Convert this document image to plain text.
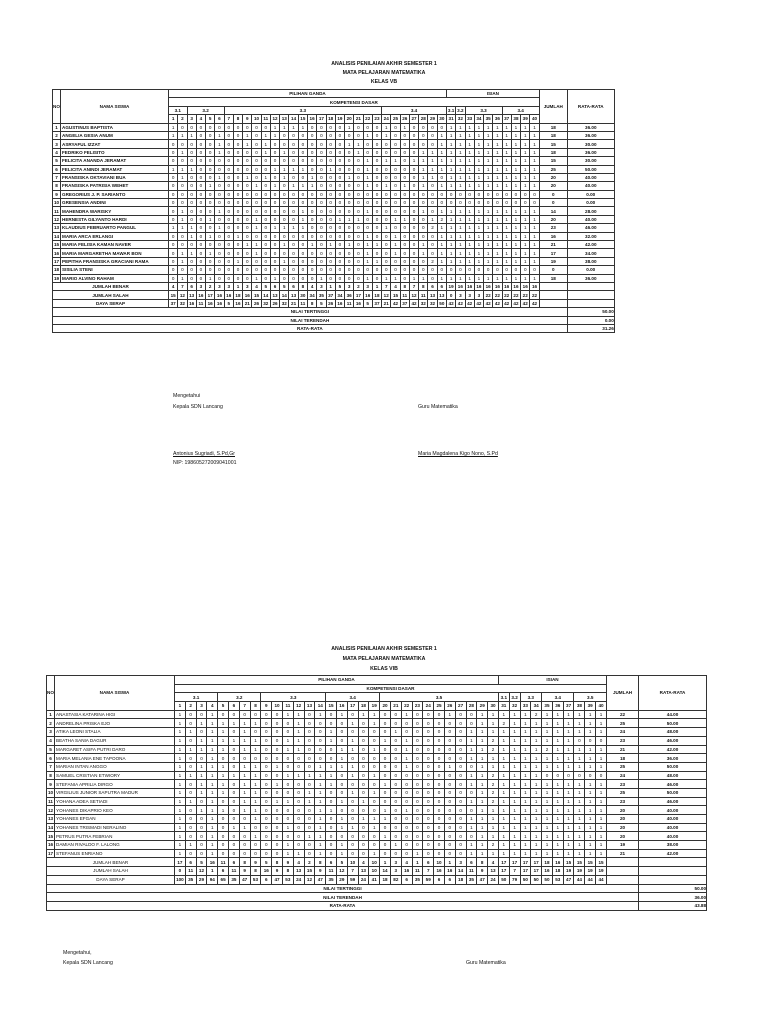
ANALISIS PENILAIAN AKHIR SEMESTER 1
MATA PELAJARAN MATEMATIKA
KELAS VB
NO	NAMA SISWA	PILIHAN GANDA																														ISIAN										JUMLAH	RATA-RATA
		KOMPETENSI DASAR																																									
		3.1		3.2				3.3																	3.4							3.1	3.2	3.3				3.4					
		1	2	3	4	5	6	7	8	9	10	11	12	13	14	15	16	17	18	19	20	21	22	23	24	25	26	27	28	29	30	31	32	33	34	35	36	37	38	39	40		
1	AGUSTINUS BAPTISTA	1	0	0	0	0	0	0	0	0	0	0	1	1	1	1	0	0	0	0	1	0	0	0	1	0	1	0	0	0	0	1	1	1	1	1	1	1	1	1	1	18	36.00
2	ANGELIA GESIA ANUM	1	1	1	0	0	1	0	0	1	0	1	1	0	0	0	0	0	0	0	0	0	1	0	1	0	0	0	0	0	1	1	1	1	1	1	1	1	1	1	1	18	36.00
3	ASRYAFUL IZZAT	0	0	0	0	0	1	0	0	1	0	1	0	0	0	0	0	0	0	0	1	1	0	0	0	0	0	0	0	0	1	1	1	1	1	1	1	1	1	1	1	15	30.00
4	FEDRIKO FELISITO	0	1	0	0	0	1	0	0	0	0	1	0	1	0	0	0	0	0	0	0	1	0	0	0	0	0	0	1	1	1	1	1	1	1	1	1	1	1	1	1	18	36.00
5	FELICITA ANANDA JERAMAT	0	0	0	0	0	0	0	0	0	0	0	0	0	0	0	0	0	0	0	0	0	1	0	1	1	0	1	1	1	1	1	1	1	1	1	1	1	1	1	1	15	30.00
6	FELICITA ANINDI JERAMAT	1	1	1	0	0	0	0	0	0	0	0	1	1	1	1	0	0	1	0	0	0	1	0	0	0	0	0	1	1	1	1	1	1	1	1	1	1	1	1	1	25	50.00
7	FRANSISKA OKTAVIANI BUA	0	1	0	0	0	1	0	0	1	0	1	0	1	0	0	1	0	0	0	1	0	1	0	0	0	0	0	1	1	0	1	1	1	1	1	1	1	1	1	1	20	40.00
8	FRANSISKA PATRISIA WEHET	0	0	0	0	1	0	0	0	0	1	0	1	0	1	1	1	0	0	0	0	0	1	0	1	0	1	0	1	0	1	1	1	1	1	1	1	1	1	1	1	20	40.00
9	GREGORIUS J. P. SARIANTO	0	0	0	0	0	0	0	0	0	0	0	0	0	0	0	0	0	0	0	0	0	0	0	0	0	0	0	0	0	0	0	0	0	0	0	0	0	0	0	0	0	0.00
10	GRESENSIA ANDINI	0	0	0	0	0	0	0	0	0	0	0	0	0	0	0	0	0	0	0	0	0	0	0	0	0	0	0	0	0	0	0	0	0	0	0	0	0	0	0	0	0	0.00
11	MAHENDRA WARISKY	0	1	0	0	0	1	0	0	0	0	0	0	0	0	1	0	0	0	0	0	0	1	0	0	0	0	0	1	0	1	1	1	1	1	1	1	1	1	1	1	14	28.00
12	HERNESTA GILYANTO HARDI	0	1	0	0	1	0	0	0	0	1	0	0	0	0	1	0	0	0	1	1	1	0	0	0	1	1	0	0	1	2	1	1	1	1	1	1	1	1	1	1	20	40.00
13	KLAUDIUS FEBRUARTO PANGUL	1	1	1	0	0	1	0	0	0	1	0	1	1	1	1	0	0	0	0	0	0	0	0	1	0	0	0	0	2	1	1	1	1	1	1	1	1	1	1	1	23	46.00
14	MARIA ARCA ERLANGI	0	0	1	0	1	0	0	1	0	0	0	0	0	0	0	0	0	0	0	0	0	1	0	0	1	0	0	0	0	1	1	1	1	1	1	1	1	1	1	1	16	32.00
15	MARIA FELISIA KAMAN NAVER	0	0	0	0	0	0	0	0	1	1	0	0	1	0	0	1	0	1	0	1	0	1	1	0	1	0	0	1	0	1	1	1	1	1	1	1	1	1	1	1	21	42.00
16	MARIA MARGARETHA MAWAR BON	0	1	1	0	1	0	0	0	0	1	0	0	0	0	0	0	0	0	0	0	0	1	0	0	1	0	0	1	0	1	1	1	1	1	1	1	1	1	1	1	17	34.00
17	PEPITHA FRANSISKA GRACIANI RAMA	0	1	0	0	0	0	0	1	0	0	0	0	1	0	0	0	0	0	0	0	0	1	1	0	0	0	0	0	2	1	1	1	1	1	1	1	1	1	1	1	19	38.00
18	SISILIA STENI	0	0	0	0	0	0	0	0	0	0	0	0	0	0	0	0	0	0	0	0	0	0	0	0	0	0	0	0	0	0	0	0	0	0	0	0	0	0	0	0	0	0.00
19	MARIO ALVINO RAHAM	0	1	0	0	1	0	0	0	0	1	0	1	0	0	0	0	1	0	0	0	0	1	0	1	1	0	1	1	0	1	1	1	1	1	1	1	1	1	1	1	18	36.00
JUMLAH BENAR		4	7	6	3	2	3	3	1	3	4	5	6	5	6	8	4	3	1	5	3	2	3	1	7	4	8	7	8	6	6	19	16	16	16	16	16	16	16	16	16		
JUMLAH SALAH		15	12	13	16	17	16	16	18	16	15	14	13	14	13	30	34	35	37	34	36	17	16	18	12	15	11	12	11	13	13	0	3	3	3	22	22	22	22	22	22		
DAYA SERAP		37	32	16	11	16	16	5	16	21	26	32	26	32	21	11	8	5	26	16	11	16	5	37	21	42	37	42	32	32	50	42	42	42	42	42	42	42	42	42	42		
NILAI TERTINGGI																																											50.00
NILAI TERENDAH																																											0.00
RATA-RATA																																											31.26
Mengetahui
Kepala SDN Lancang	Guru Matematika
Antonius Sugriadi, S.Pd,Gr
NIP: 198605272009041001
Maria Magdalena Kigo Nono, S.Pd
ANALISIS PENILAIAN AKHIR SEMESTER 1
MATA PELAJARAN MATEMATIKA
KELAS VIB
NO	NAMA SISWA	PILIHAN GANDA																														ISIAN										JUMLAH	RATA-RATA
		KOMPETENSI DASAR																																									
		3.1				3.2				3.3						3.4					3.5											3.1	3.2	3.3		3.4			3.5				
		1	2	3	4	5	6	7	8	9	10	11	12	13	14	15	16	17	18	19	20	21	22	23	24	25	26	27	28	29	30	31	32	33	34	35	36	37	38	39	40		
1	ANASTASIA KATARINA HIGI	1	0	0	1	0	0	0	0	0	0	1	1	0	1	0	1	0	1	1	0	0	1	0	0	0	1	0	0	1	1	1	1	1	2	1	1	1	1	1	1	22	44.00
2	ANDRELINA PRISKA EJO	1	0	1	1	1	1	1	1	0	0	0	1	0	0	0	0	1	0	1	0	0	0	0	0	0	0	0	0	1	1	2	1	1	1	1	1	1	1	1	1	25	50.00
3	ATIKA LEONI STALIA	1	1	0	1	1	0	1	0	0	0	0	1	0	0	1	0	0	0	0	0	1	0	0	0	0	0	0	1	1	1	1	1	1	1	1	1	1	1	1	1	24	48.00
4	BEATHA SANIA DAGUR	1	0	1	1	1	1	1	1	0	0	1	1	0	0	1	0	1	0	0	1	0	1	0	0	0	0	0	1	1	2	1	1	1	1	1	1	1	0	0	0	23	46.00
5	MARGARET ASIFA PUTRI DARO	1	1	1	1	1	0	1	1	0	0	1	1	0	0	0	1	1	0	1	0	0	1	0	0	0	0	0	1	1	2	1	1	1	1	2	1	1	1	1	1	21	42.00
6	MARIA MELANIA ENE TAPOONA	1	0	0	1	0	0	0	0	0	0	0	0	0	0	0	1	0	0	0	0	0	1	0	0	0	0	0	1	1	1	1	1	1	1	1	1	1	1	1	1	18	36.00
7	MARIAN INTAN ANGGO	1	0	1	1	1	0	1	1	0	1	0	0	0	1	1	1	1	0	0	0	0	1	0	0	0	1	0	0	1	1	1	1	1	1	1	1	1	1	1	1	25	50.00
8	SAMUEL CRISTIAN ETWIORY	1	1	1	1	1	1	1	1	0	0	1	1	1	1	1	0	1	0	1	0	0	0	0	0	0	0	0	1	1	2	1	1	1	1	0	0	0	0	0	0	24	48.00
9	STEFANIA APRILIA DIRGO	1	0	1	1	1	0	1	1	0	1	0	0	0	1	1	0	0	0	0	1	0	0	0	0	0	0	0	1	1	2	1	1	1	1	1	1	1	1	1	1	23	46.00
10	VIRGILIUS JUNIOR SAPUTRA MADUR	1	0	1	1	1	0	1	1	0	0	0	0	1	1	0	0	1	0	1	0	0	0	0	0	0	0	0	0	1	2	1	1	1	1	1	1	1	1	1	1	25	50.00
11	YOHANA ADEA SETIADI	1	1	0	1	0	0	1	1	0	1	1	0	1	1	0	1	0	1	0	0	0	0	0	0	0	0	0	1	1	2	1	1	1	1	1	1	1	1	1	1	23	46.00
12	YOHANES DIKAPRIO KEO	1	0	1	1	1	0	1	1	0	0	0	0	0	1	1	0	0	0	0	1	0	1	0	0	0	0	0	0	1	1	1	1	1	1	1	1	1	1	1	1	20	40.00
13	YOHANES EFGAN	1	0	0	1	0	0	0	1	0	0	0	0	0	1	0	1	0	1	1	1	0	0	0	0	0	0	0	1	1	1	1	1	1	1	1	1	1	1	1	1	20	40.00
14	YOHANES TRISMADI NERALINO	1	0	0	1	0	1	1	0	0	0	1	0	0	1	0	1	1	0	1	0	0	0	0	0	0	0	0	1	1	1	1	1	1	1	1	1	1	1	1	1	20	40.00
15	PETRUS PUTRA FEBRIAN	1	0	0	1	0	0	0	1	0	0	0	0	1	1	0	0	0	0	0	1	0	0	0	0	0	0	0	0	1	1	1	1	1	1	1	1	1	1	1	1	20	40.00
16	DAMIAN RIVALDO F. LALONG	1	1	0	1	0	0	0	0	0	0	1	0	0	1	0	1	0	0	0	0	1	0	0	0	0	0	0	1	1	2	1	1	1	1	1	1	1	1	1	1	19	38.00
17	STEFANUS ENRIANO	1	0	0	1	0	0	0	0	0	0	1	1	0	1	0	1	0	0	1	0	0	0	1	0	0	0	0	1	1	1	1	1	1	1	1	1	1	1	1	1	21	42.00
JUMLAH BENAR		17	6	5	16	11	6	8	9	5	8	9	4	2	8	6	5	10	4	10	1	3	4	1	6	10	1	3	6	8	4	17	17	17	17	18	16	15	15	15	15		
JUMLAH SALAH		0	11	12	1	6	11	9	8	16	9	8	13	15	9	11	12	7	13	10	14	3	16	11	7	16	16	14	11	9	13	17	7	17	17	16	18	19	19	19	19		
DAYA SERAP		100	35	29	94	65	35	47	53	6	47	53	24	12	47	35	29	59	24	41	18	82	6	35	59	6	6	18	35	47	24	50	79	50	50	50	53	47	44	44	44		
NILAI TERTINGGI																																											50.00
NILAI TERENDAH																																											36.00
RATA-RATA																																											43.88
Mengetahui,
Kepala SDN Lancang	Guru Matematika
